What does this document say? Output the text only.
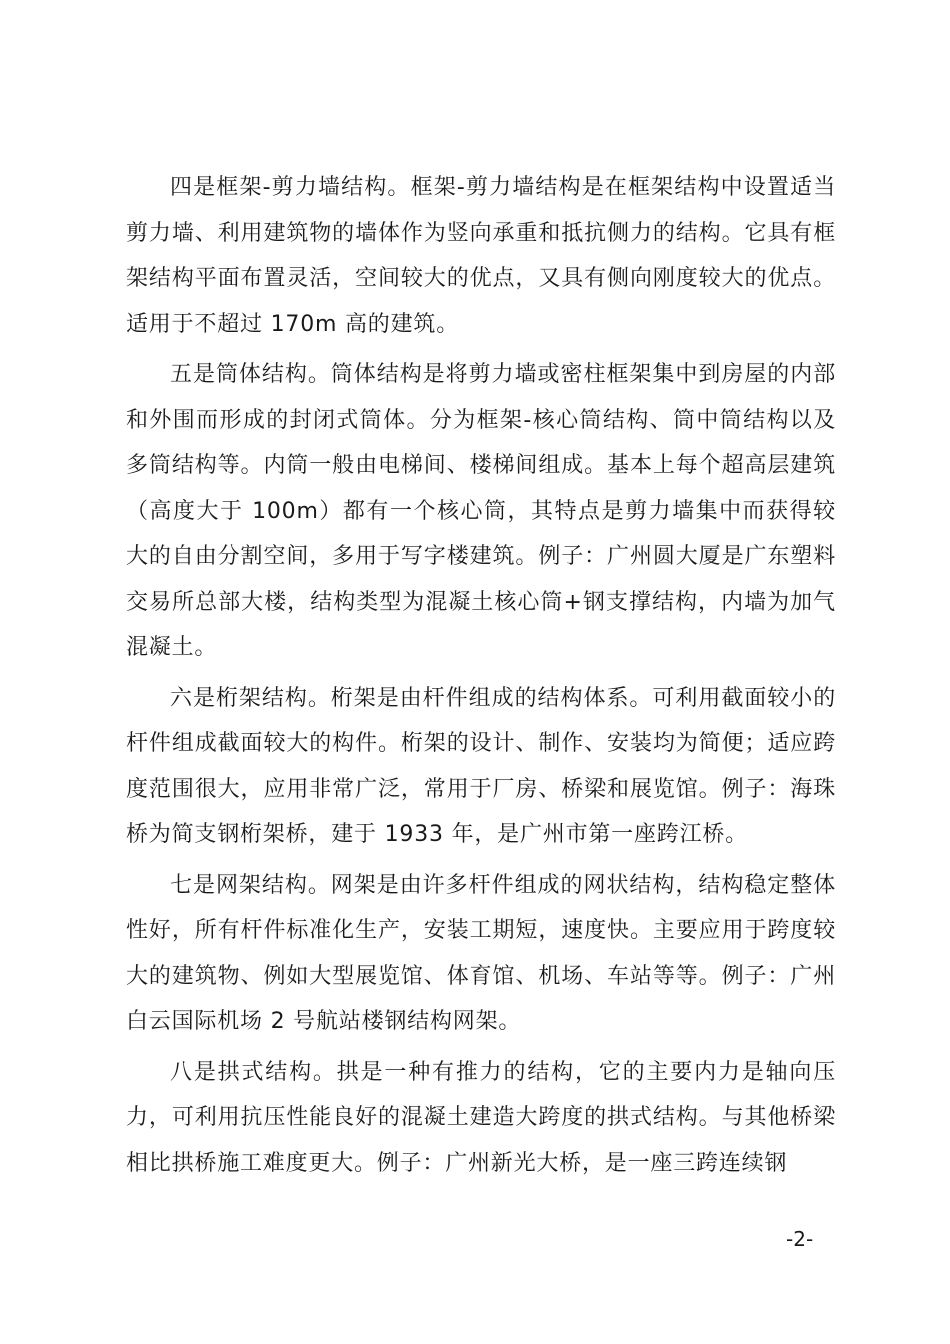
四是框架-剪力墙结构。框架-剪力墙结构是在框架结构中设置适当剪力墙、利用建筑物的墙体作为竖向承重和抵抗侧力的结构。它具有框架结构平面布置灵活，空间较大的优点，又具有侧向刚度较大的优点。适用于不超过 170m 高的建筑。

五是筒体结构。筒体结构是将剪力墙或密柱框架集中到房屋的内部和外围而形成的封闭式筒体。分为框架-核心筒结构、筒中筒结构以及多筒结构等。内筒一般由电梯间、楼梯间组成。基本上每个超高层建筑（高度大于 100m）都有一个核心筒，其特点是剪力墙集中而获得较大的自由分割空间，多用于写字楼建筑。例子：广州圆大厦是广东塑料交易所总部大楼，结构类型为混凝土核心筒+钢支撑结构，内墙为加气混凝土。

六是桁架结构。桁架是由杆件组成的结构体系。可利用截面较小的杆件组成截面较大的构件。桁架的设计、制作、安装均为简便；适应跨度范围很大，应用非常广泛，常用于厂房、桥梁和展览馆。例子：海珠桥为简支钢桁架桥，建于 1933 年，是广州市第一座跨江桥。

七是网架结构。网架是由许多杆件组成的网状结构，结构稳定整体性好，所有杆件标准化生产，安装工期短，速度快。主要应用于跨度较大的建筑物、例如大型展览馆、体育馆、机场、车站等等。例子：广州白云国际机场 2 号航站楼钢结构网架。

八是拱式结构。拱是一种有推力的结构，它的主要内力是轴向压力，可利用抗压性能良好的混凝土建造大跨度的拱式结构。与其他桥梁相比拱桥施工难度更大。例子：广州新光大桥，是一座三跨连续钢

-2-
